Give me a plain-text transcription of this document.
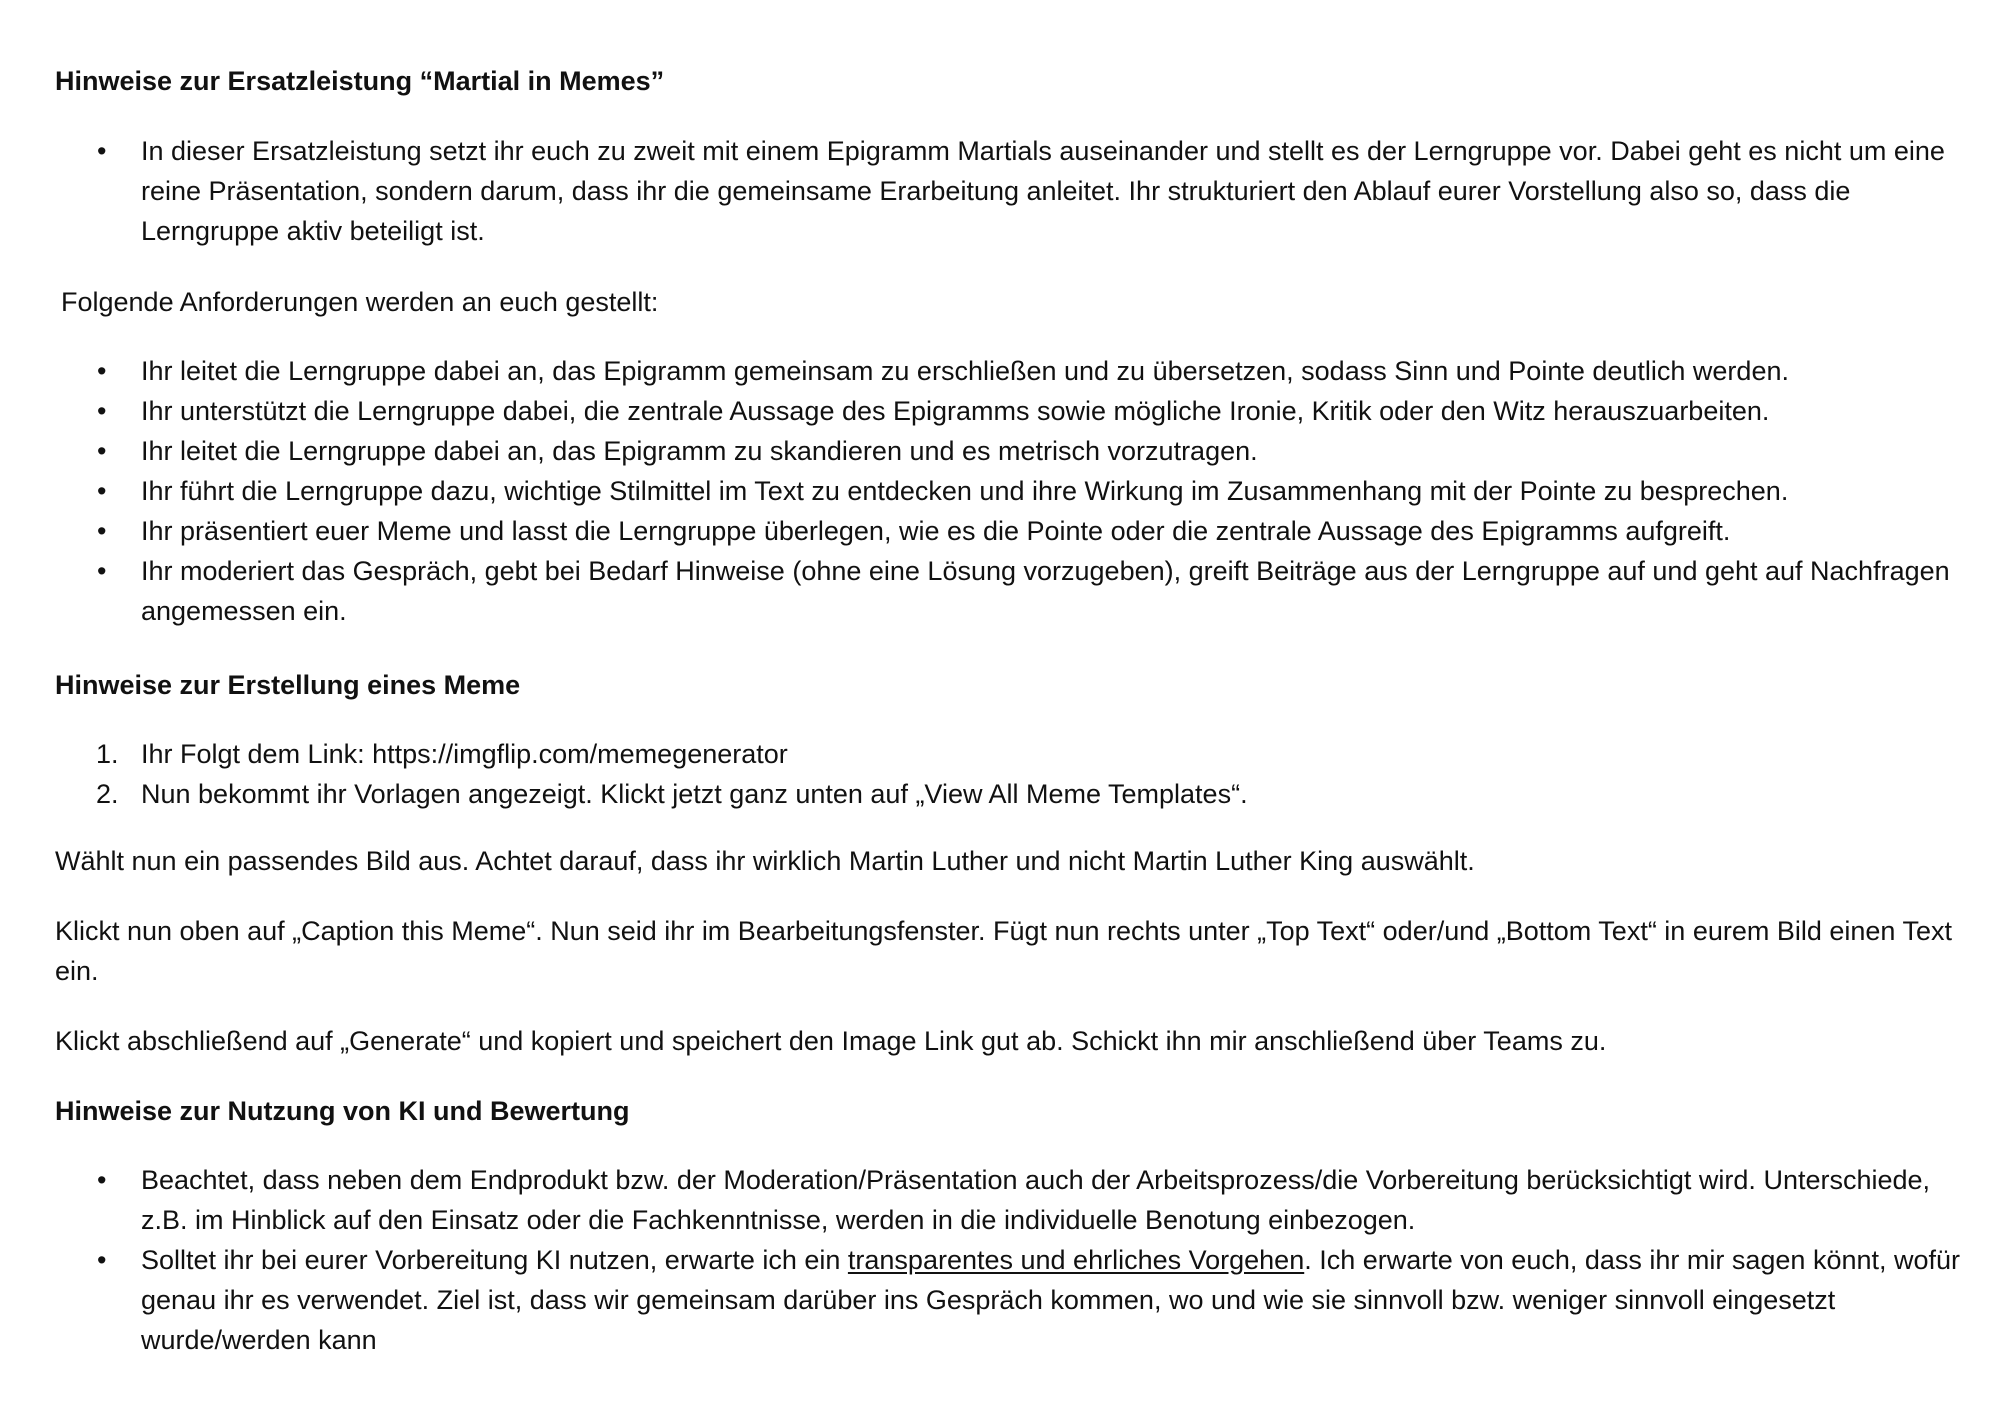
Hinweise zur Ersatzleistung “Martial in Memes”

• In dieser Ersatzleistung setzt ihr euch zu zweit mit einem Epigramm Martials auseinander und stellt es der Lerngruppe vor. Dabei geht es nicht um eine reine Präsentation, sondern darum, dass ihr die gemeinsame Erarbeitung anleitet. Ihr strukturiert den Ablauf eurer Vorstellung also so, dass die Lerngruppe aktiv beteiligt ist.

Folgende Anforderungen werden an euch gestellt:

• Ihr leitet die Lerngruppe dabei an, das Epigramm gemeinsam zu erschließen und zu übersetzen, sodass Sinn und Pointe deutlich werden.
• Ihr unterstützt die Lerngruppe dabei, die zentrale Aussage des Epigramms sowie mögliche Ironie, Kritik oder den Witz herauszuarbeiten.
• Ihr leitet die Lerngruppe dabei an, das Epigramm zu skandieren und es metrisch vorzutragen.
• Ihr führt die Lerngruppe dazu, wichtige Stilmittel im Text zu entdecken und ihre Wirkung im Zusammenhang mit der Pointe zu besprechen.
• Ihr präsentiert euer Meme und lasst die Lerngruppe überlegen, wie es die Pointe oder die zentrale Aussage des Epigramms aufgreift.
• Ihr moderiert das Gespräch, gebt bei Bedarf Hinweise (ohne eine Lösung vorzugeben), greift Beiträge aus der Lerngruppe auf und geht auf Nachfragen angemessen ein.

Hinweise zur Erstellung eines Meme

1. Ihr Folgt dem Link: https://imgflip.com/memegenerator
2. Nun bekommt ihr Vorlagen angezeigt. Klickt jetzt ganz unten auf „View All Meme Templates“.

Wählt nun ein passendes Bild aus. Achtet darauf, dass ihr wirklich Martin Luther und nicht Martin Luther King auswählt.

Klickt nun oben auf „Caption this Meme“. Nun seid ihr im Bearbeitungsfenster. Fügt nun rechts unter „Top Text“ oder/und „Bottom Text“ in eurem Bild einen Text ein.

Klickt abschließend auf „Generate“ und kopiert und speichert den Image Link gut ab. Schickt ihn mir anschließend über Teams zu.

Hinweise zur Nutzung von KI und Bewertung

• Beachtet, dass neben dem Endprodukt bzw. der Moderation/Präsentation auch der Arbeitsprozess/die Vorbereitung berücksichtigt wird. Unterschiede, z.B. im Hinblick auf den Einsatz oder die Fachkenntnisse, werden in die individuelle Benotung einbezogen.
• Solltet ihr bei eurer Vorbereitung KI nutzen, erwarte ich ein transparentes und ehrliches Vorgehen. Ich erwarte von euch, dass ihr mir sagen könnt, wofür genau ihr es verwendet. Ziel ist, dass wir gemeinsam darüber ins Gespräch kommen, wo und wie sie sinnvoll bzw. weniger sinnvoll eingesetzt wurde/werden kann
